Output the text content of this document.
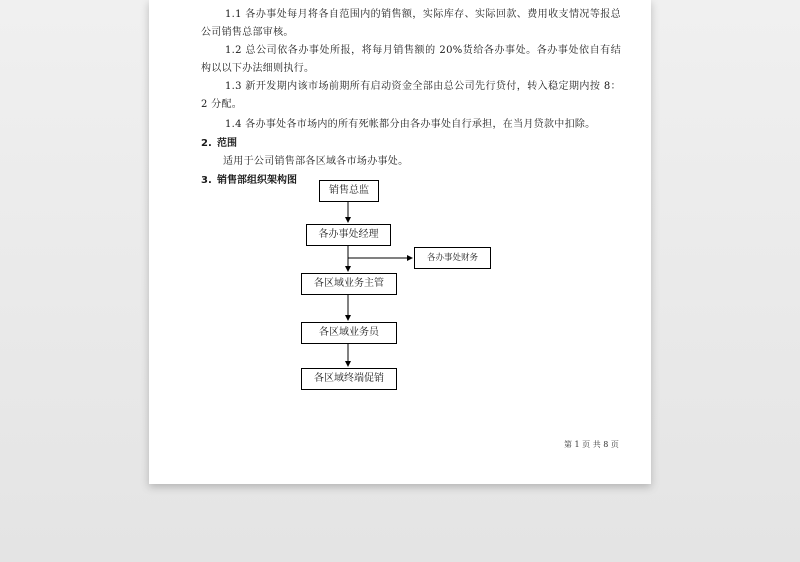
1.1 各办事处每月将各自范围内的销售额，实际库存、实际回款、费用收支情况等报总公司销售总部审核。
1.2 总公司依各办事处所报，将每月销售额的 20%货给各办事处。各办事处依自有结构以以下办法细则执行。
1.3 新开发期内该市场前期所有启动资金全部由总公司先行贷付，转入稳定期内按 8：2 分配。
1.4 各办事处各市场内的所有死帐都分由各办事处自行承担，在当月贷款中扣除。
2. 范围
适用于公司销售部各区域各市场办事处。
3. 销售部组织架构图
销售总监
各办事处经理
各办事处财务
各区域业务主管
各区域业务员
各区域终端促销
第 1 页 共 8 页
